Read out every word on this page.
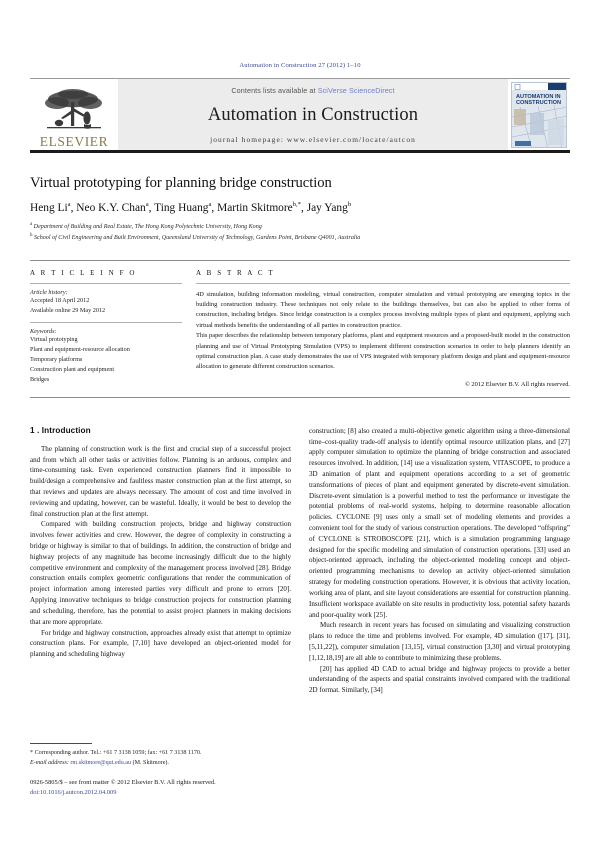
Automation in Construction 27 (2012) 1–10
ELSEVIER
Contents lists available at SciVerse ScienceDirect
Automation in Construction
journal homepage: www.elsevier.com/locate/autcon
AUTOMATION IN
CONSTRUCTION
Virtual prototyping for planning bridge construction
Heng Li$^a$, Neo K.Y. Chan$^a$, Ting Huang$^a$, Martin Skitmore$^{b,*}$, Jay Yang$^b$
$^a$ Department of Building and Real Estate, The Hong Kong Polytechnic University, Hong Kong
$^b$ School of Civil Engineering and Built Environment, Queensland University of Technology, Gardens Point, Brisbane Q4001, Australia
A R T I C L E I N F O
Article history:
Accepted 18 April 2012
Available online 29 May 2012
Keywords:
Virtual prototyping
Plant and equipment-resource allocation
Temporary platforms
Construction plant and equipment
Bridges
A B S T R A C T

4D simulation, building information modeling, virtual construction, computer simulation and virtual prototyping are emerging topics in the building construction industry. These techniques not only relate to the buildings themselves, but can also be applied to other forms of construction, including bridges. Since bridge construction is a complex process involving multiple types of plant and equipment, applying such virtual methods benefits the understanding of all parties in construction practice.

This paper describes the relationship between temporary platforms, plant and equipment resources and a proposed-built model in the construction planning and use of Virtual Prototyping Simulation (VPS) to implement different construction scenarios in order to help planners identify an optimal construction plan. A case study demonstrates the use of VPS integrated with temporary platform design and plant and equipment-resource allocation to generate different construction scenarios.

© 2012 Elsevier B.V. All rights reserved.
1 . Introduction

The planning of construction work is the first and crucial step of a successful project and from which all other tasks or activities follow. Planning is an arduous, complex and time-consuming task. Even experienced construction planners find it impossible to build/design a comprehensive and faultless master construction plan at the first attempt, so that reviews and updates are always necessary. The amount of cost and time involved in reviewing and updating, however, can be wasteful. Ideally, it would be best to develop the final construction plan at the first attempt.

Compared with building construction projects, bridge and highway construction involves fewer activities and crew. However, the degree of complexity in constructing a bridge or highway is similar to that of buildings. In addition, the construction of bridge and highway projects of any magnitude has become increasingly difficult due to the highly competitive environment and complexity of the management process involved [28]. Bridge construction entails complex geometric configurations that render the communication of project information among interested parties very difficult and prone to errors [20]. Applying innovative techniques to bridge construction projects for construction planning and scheduling, therefore, has the potential to assist project planners in making decisions that are more appropriate.

For bridge and highway construction, approaches already exist that attempt to optimize construction plans. For example, [7,10] have developed an object-oriented model for planning and scheduling highway

* Corresponding author. Tel.: +61 7 3138 1059; fax: +61 7 3138 1170.
E-mail address: rm.skitmore@qut.edu.au (M. Skitmore).
0926-5805/$ – see front matter © 2012 Elsevier B.V. All rights reserved.
doi:10.1016/j.autcon.2012.04.009

construction; [8] also created a multi-objective genetic algorithm using a three-dimensional time–cost-quality trade-off analysis to identify optimal resource utilization plans, and [27] apply computer simulation to optimize the planning of bridge construction and associated resources involved. In addition, [14] use a visualization system, VITASCOPE, to produce a 3D animation of plant and equipment operations according to a set of geometric transformations of pieces of plant and equipment generated by discrete-event simulation. Discrete-event simulation is a powerful method to test the performance or investigate the potential problems of real-world systems, helping to determine reasonable allocation policies. CYCLONE [9] uses only a small set of modeling elements and provides a convenient tool for the study of various construction operations. The developed “offspring” of CYCLONE is STROBOSCOPE [21], which is a simulation programming language designed for the specific modeling and simulation of construction operations. [33] used an object-oriented approach, including the object-oriented modeling concept and object-oriented programming mechanisms to develop an activity object-oriented simulation strategy for modeling construction operations. However, it is obvious that activity location, working area of plant, and site layout considerations are essential for construction planning. Insufficient workspace available on site results in productivity loss, potential safety hazards and poor-quality work [25].

Much research in recent years has focused on simulating and visualizing construction plans to reduce the time and problems involved. For example, 4D simulation ([17], [31], [5,11,22]), computer simulation [13,15], virtual construction [3,30] and virtual prototyping [1,12,18,19] are all able to contribute to minimizing these problems.

[20] has applied 4D CAD to actual bridge and highway projects to provide a better understanding of the aspects and spatial constraints involved compared with the traditional 2D format. Similarly, [34]
